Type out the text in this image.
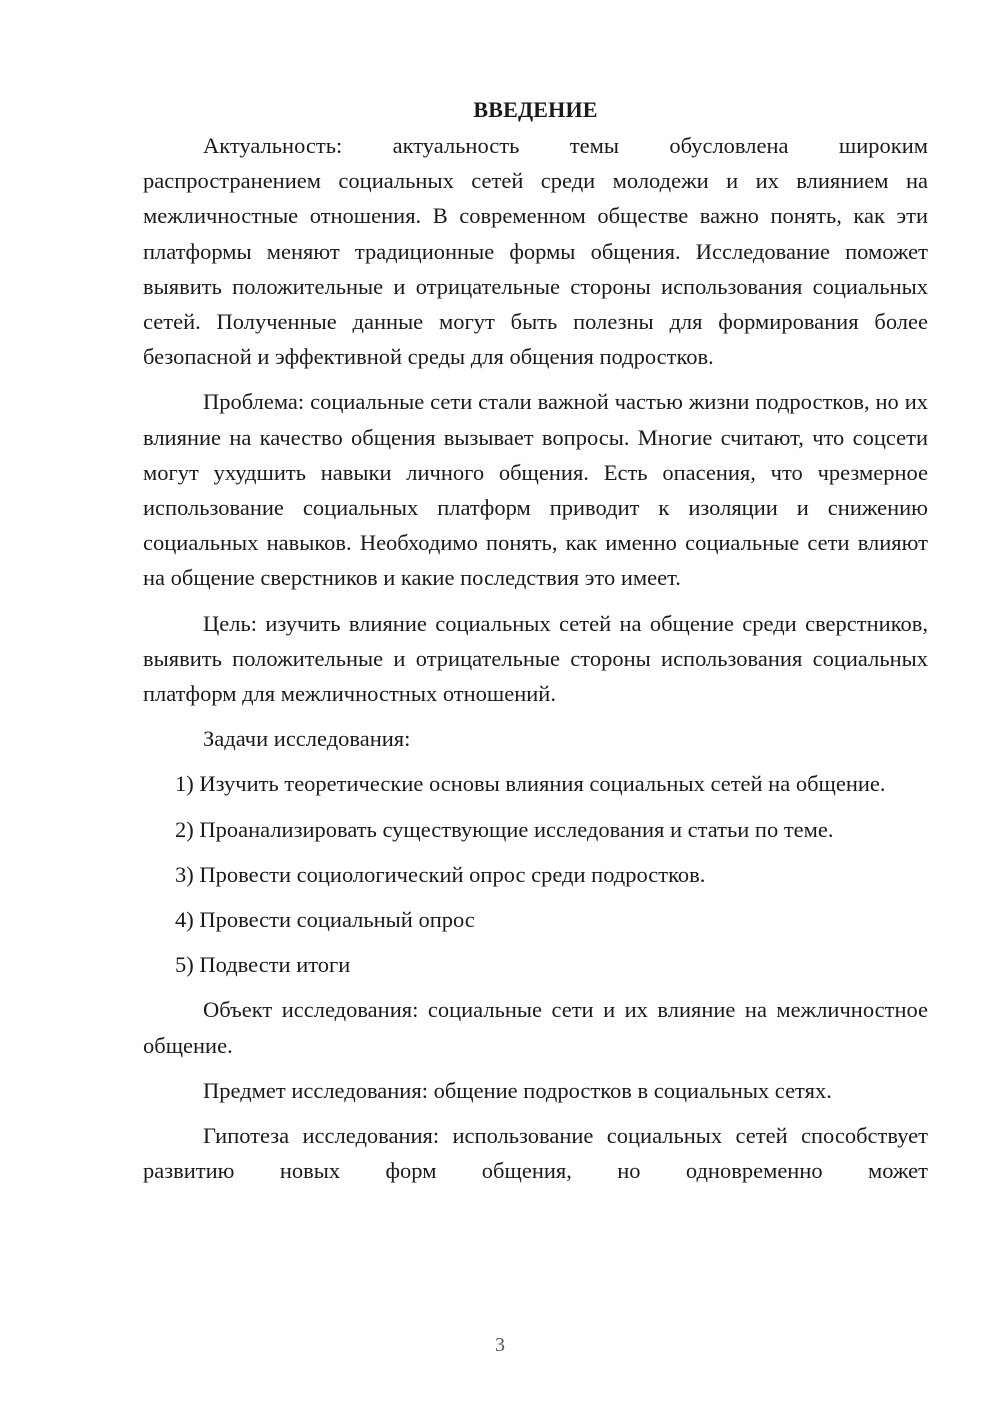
ВВЕДЕНИЕ

Актуальность: актуальность темы обусловлена широким распространением социальных сетей среди молодежи и их влиянием на межличностные отношения. В современном обществе важно понять, как эти платформы меняют традиционные формы общения. Исследование поможет выявить положительные и отрицательные стороны использования социальных сетей. Полученные данные могут быть полезны для формирования более безопасной и эффективной среды для общения подростков.

Проблема: социальные сети стали важной частью жизни подростков, но их влияние на качество общения вызывает вопросы. Многие считают, что соцсети могут ухудшить навыки личного общения. Есть опасения, что чрезмерное использование социальных платформ приводит к изоляции и снижению социальных навыков. Необходимо понять, как именно социальные сети влияют на общение сверстников и какие последствия это имеет.

Цель: изучить влияние социальных сетей на общение среди сверстников, выявить положительные и отрицательные стороны использования социальных платформ для межличностных отношений.

Задачи исследования:

1) Изучить теоретические основы влияния социальных сетей на общение.

2) Проанализировать существующие исследования и статьи по теме.

3) Провести социологический опрос среди подростков.

4) Провести социальный опрос

5) Подвести итоги

Объект исследования: социальные сети и их влияние на межличностное общение.

Предмет исследования: общение подростков в социальных сетях.

Гипотеза исследования: использование социальных сетей способствует развитию новых форм общения, но одновременно может

3
